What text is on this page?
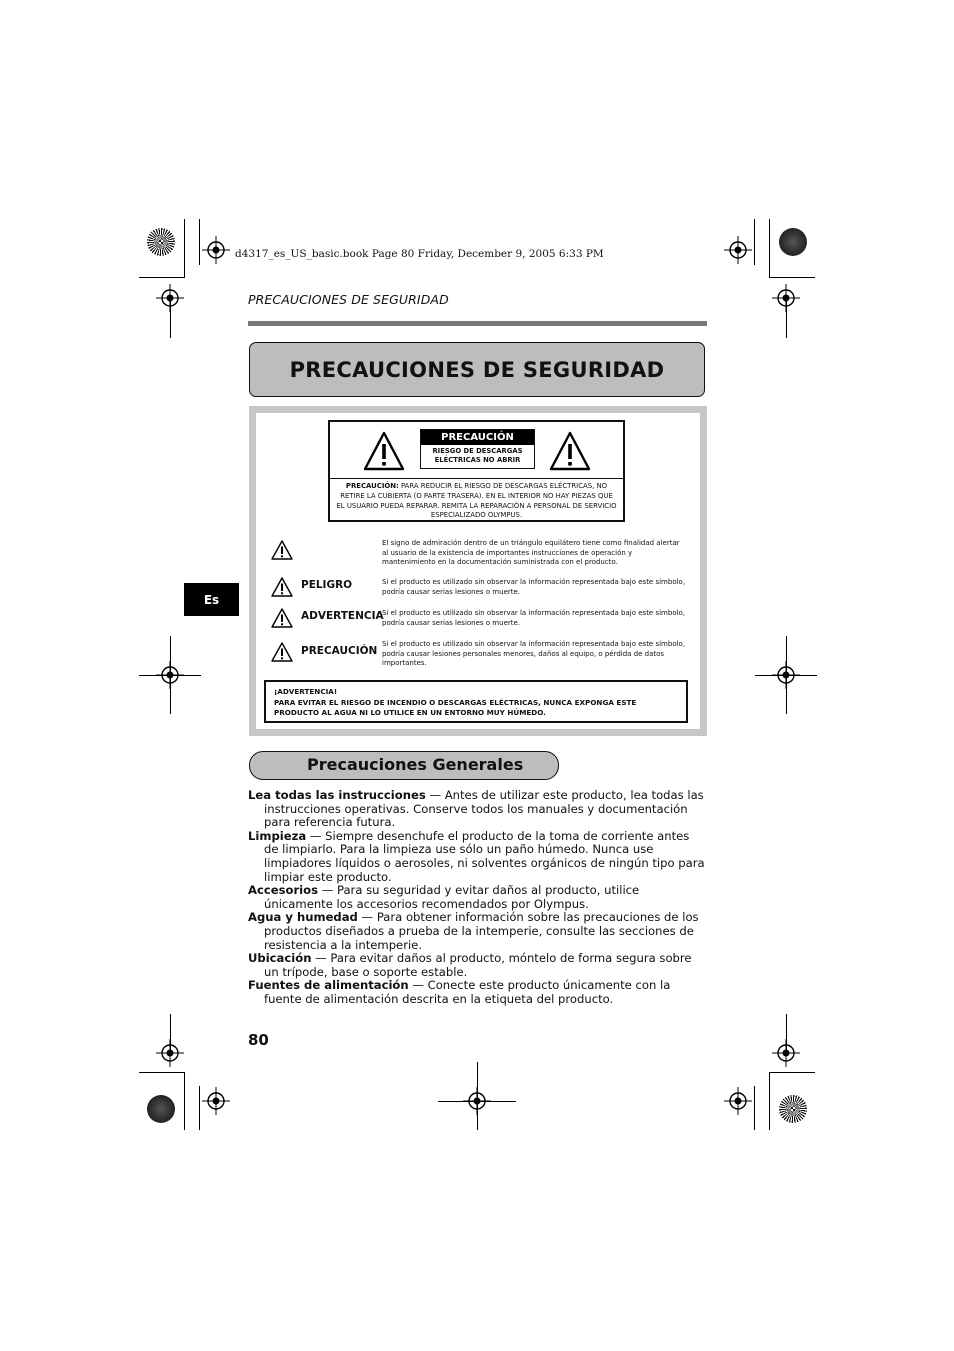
d4317_es_US_basic.book Page 80 Friday, December 9, 2005 6:33 PM
PRECAUCIONES DE SEGURIDAD
PRECAUCIONES DE SEGURIDAD
Es
PRECAUCIÓN
RIESGO DE DESCARGAS ELÉCTRICAS NO ABRIR
PRECAUCIÓN: PARA REDUCIR EL RIESGO DE DESCARGAS ELÉCTRICAS, NO RETIRE LA CUBIERTA (O PARTE TRASERA). EN EL INTERIOR NO HAY PIEZAS QUE EL USUARIO PUEDA REPARAR. REMITA LA REPARACIÓN A PERSONAL DE SERVICIO ESPECIALIZADO OLYMPUS.
El signo de admiración dentro de un triángulo equilátero tiene como finalidad alertar al usuario de la existencia de importantes instrucciones de operación y mantenimiento en la documentación suministrada con el producto.
PELIGRO	Si el producto es utilizado sin observar la información representada bajo este símbolo, podría causar serias lesiones o muerte.
ADVERTENCIA
Si el producto es utilizado sin observar la información representada bajo este símbolo, podría causar serias lesiones o muerte.
PRECAUCIÓN
Si el producto es utilizado sin observar la información representada bajo este símbolo, podría causar lesiones personales menores, daños al equipo, o pérdida de datos importantes.
¡ADVERTENCIA!
PARA EVITAR EL RIESGO DE INCENDIO O DESCARGAS ELÉCTRICAS, NUNCA EXPONGA ESTE PRODUCTO AL AGUA NI LO UTILICE EN UN ENTORNO MUY HÚMEDO.
Precauciones Generales

Lea todas las instrucciones — Antes de utilizar este producto, lea todas las instrucciones operativas. Conserve todos los manuales y documentación para referencia futura.

Limpieza — Siempre desenchufe el producto de la toma de corriente antes de limpiarlo. Para la limpieza use sólo un paño húmedo. Nunca use limpiadores líquidos o aerosoles, ni solventes orgánicos de ningún tipo para limpiar este producto.

Accesorios — Para su seguridad y evitar daños al producto, utilice únicamente los accesorios recomendados por Olympus.

Agua y humedad — Para obtener información sobre las precauciones de los productos diseñados a prueba de la intemperie, consulte las secciones de resistencia a la intemperie.

Ubicación — Para evitar daños al producto, móntelo de forma segura sobre un trípode, base o soporte estable.

Fuentes de alimentación — Conecte este producto únicamente con la fuente de alimentación descrita en la etiqueta del producto.

80
